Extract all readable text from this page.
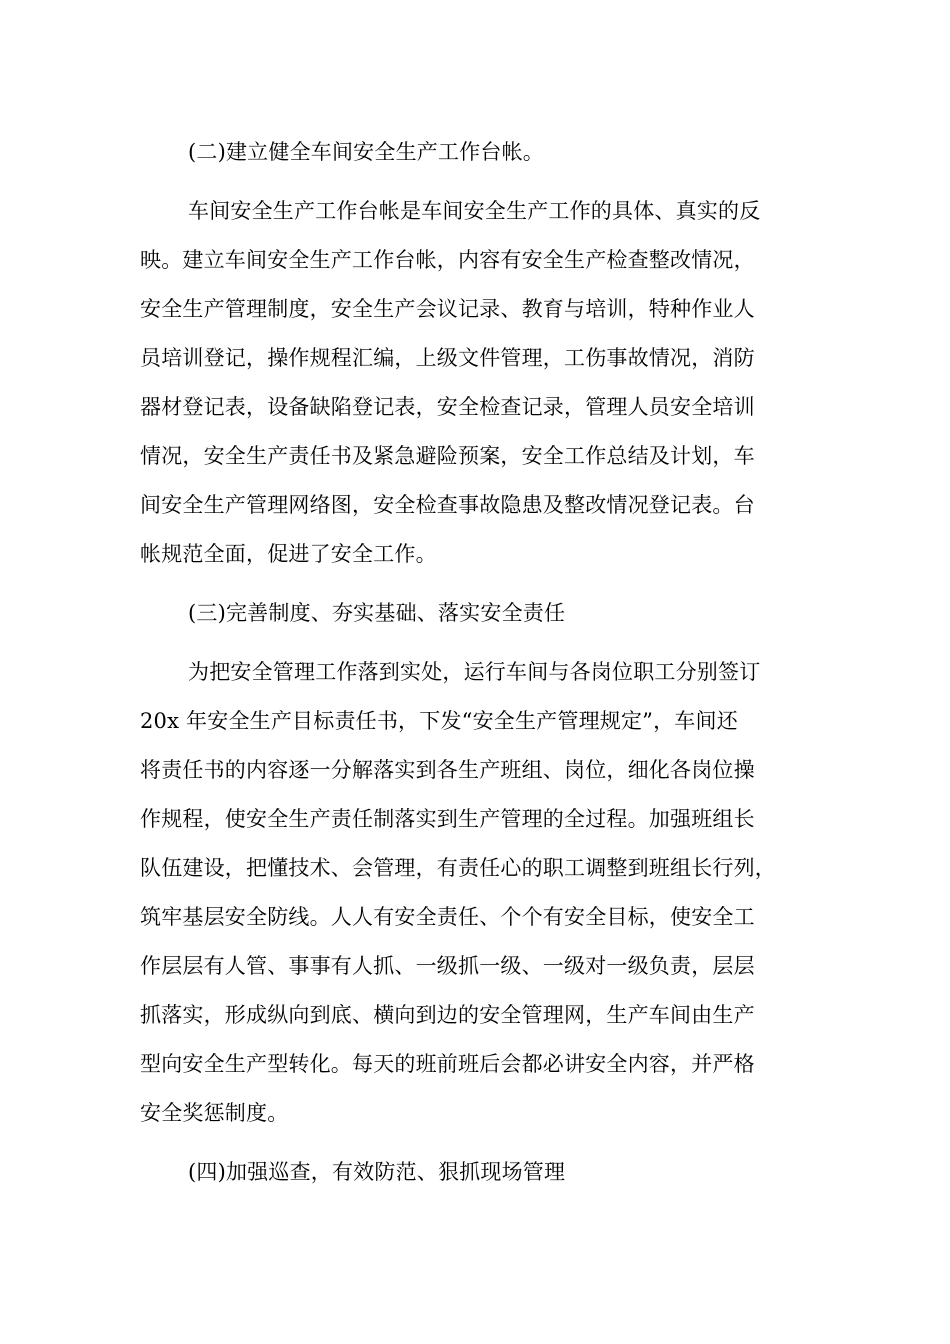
(二)建立健全车间安全生产工作台帐。
车间安全生产工作台帐是车间安全生产工作的具体、真实的反
映。建立车间安全生产工作台帐，内容有安全生产检查整改情况，
安全生产管理制度，安全生产会议记录、教育与培训，特种作业人
员培训登记，操作规程汇编，上级文件管理，工伤事故情况，消防
器材登记表，设备缺陷登记表，安全检查记录，管理人员安全培训
情况，安全生产责任书及紧急避险预案，安全工作总结及计划，车
间安全生产管理网络图，安全检查事故隐患及整改情况登记表。台
帐规范全面，促进了安全工作。
(三)完善制度、夯实基础、落实安全责任
为把安全管理工作落到实处，运行车间与各岗位职工分别签订
20x 年安全生产目标责任书，下发“安全生产管理规定”，车间还
将责任书的内容逐一分解落实到各生产班组、岗位，细化各岗位操
作规程，使安全生产责任制落实到生产管理的全过程。加强班组长
队伍建设，把懂技术、会管理，有责任心的职工调整到班组长行列，
筑牢基层安全防线。人人有安全责任、个个有安全目标，使安全工
作层层有人管、事事有人抓、一级抓一级、一级对一级负责，层层
抓落实，形成纵向到底、横向到边的安全管理网，生产车间由生产
型向安全生产型转化。每天的班前班后会都必讲安全内容，并严格
安全奖惩制度。
(四)加强巡查，有效防范、狠抓现场管理
